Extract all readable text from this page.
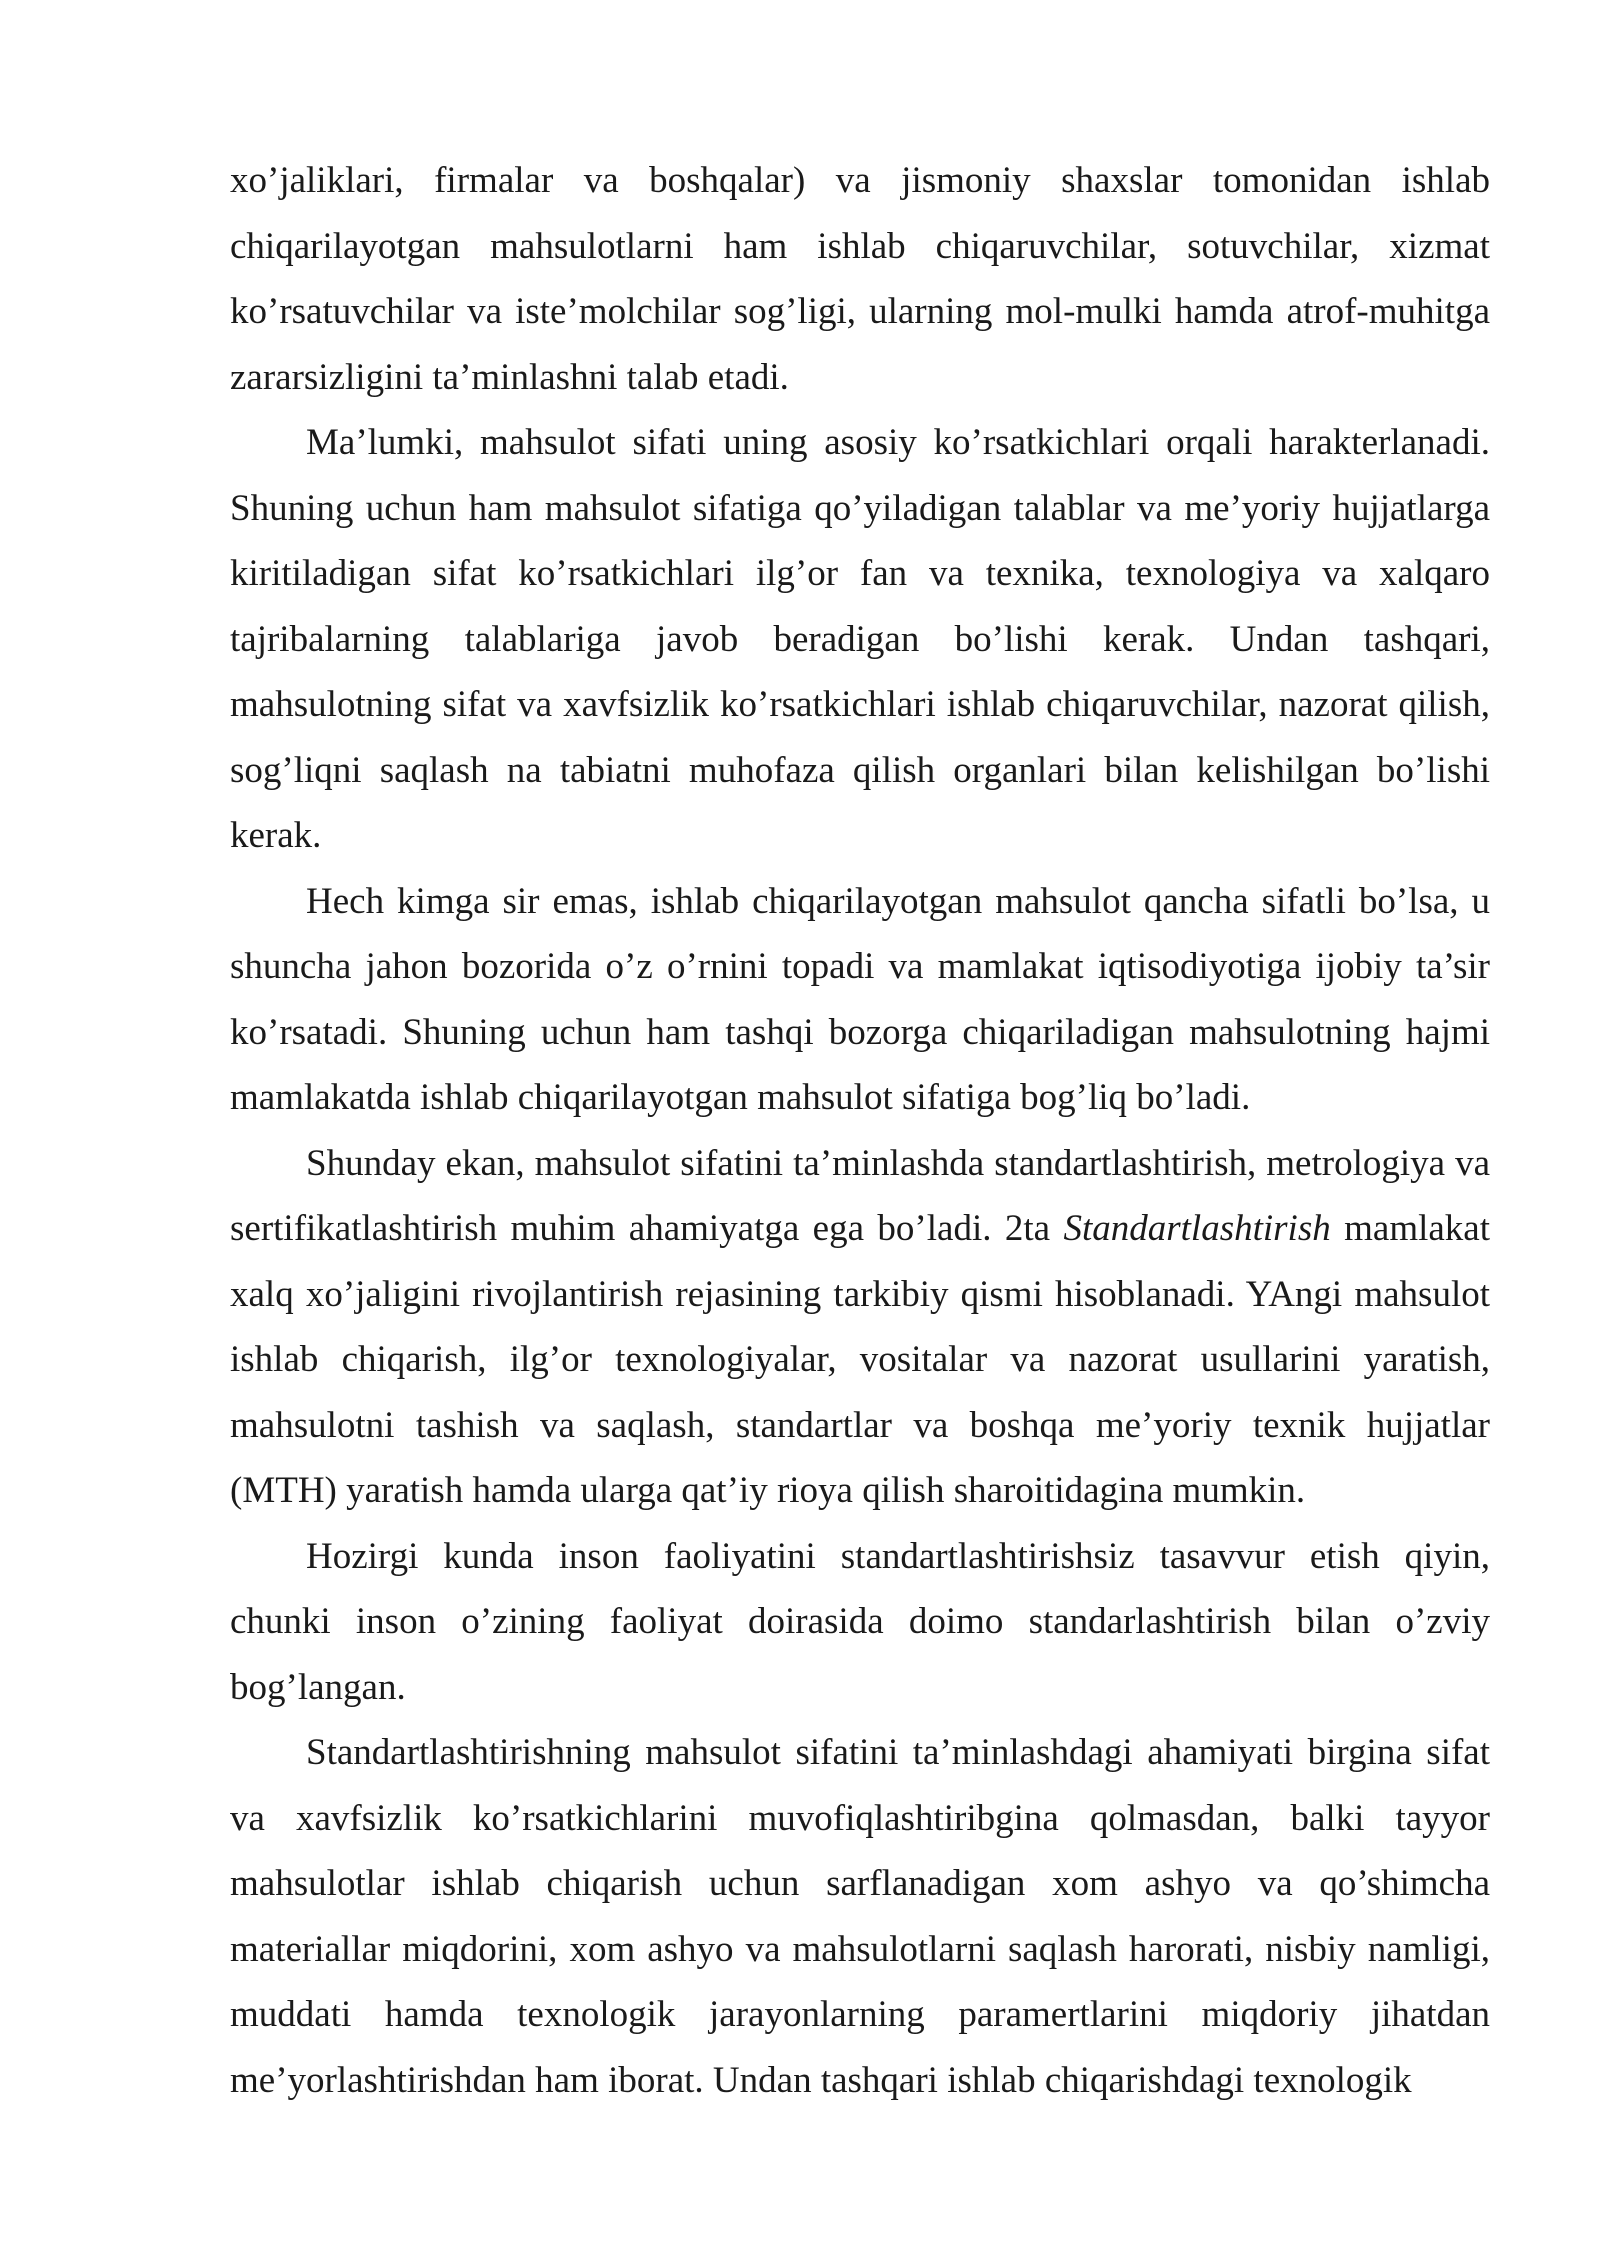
xo’jaliklari, firmalar va boshqalar) va jismoniy shaxslar tomonidan ishlab chiqarilayotgan mahsulotlarni ham ishlab chiqaruvchilar, sotuvchilar, xizmat ko’rsatuvchilar va iste’molchilar sog’ligi, ularning mol-mulki hamda atrof-muhitga zararsizligini ta’minlashni talab etadi.

Ma’lumki, mahsulot sifati uning asosiy ko’rsatkichlari orqali harakterlanadi. Shuning uchun ham mahsulot sifatiga qo’yiladigan talablar va me’yoriy hujjatlarga kiritiladigan sifat ko’rsatkichlari ilg’or fan va texnika, texnologiya va xalqaro tajribalarning talablariga javob beradigan bo’lishi kerak. Undan tashqari, mahsulotning sifat va xavfsizlik ko’rsatkichlari ishlab chiqaruvchilar, nazorat qilish, sog’liqni saqlash na tabiatni muhofaza qilish organlari bilan kelishilgan bo’lishi kerak.

Hech kimga sir emas, ishlab chiqarilayotgan mahsulot qancha sifatli bo’lsa, u shuncha jahon bozorida o’z o’rnini topadi va mamlakat iqtisodiyotiga ijobiy ta’sir ko’rsatadi. Shuning uchun ham tashqi bozorga chiqariladigan mahsulotning hajmi mamlakatda ishlab chiqarilayotgan mahsulot sifatiga bog’liq bo’ladi.

Shunday ekan, mahsulot sifatini ta’minlashda standartlashtirish, metrologiya va sertifikatlashtirish muhim ahamiyatga ega bo’ladi. 2ta Standartlashtirish mamlakat xalq xo’jaligini rivojlantirish rejasining tarkibiy qismi hisoblanadi. YAngi mahsulot ishlab chiqarish, ilg’or texnologiyalar, vositalar va nazorat usullarini yaratish, mahsulotni tashish va saqlash, standartlar va boshqa me’yoriy texnik hujjatlar (MTH) yaratish hamda ularga qat’iy rioya qilish sharoitidagina mumkin.

Hozirgi kunda inson faoliyatini standartlashtirishsiz tasavvur etish qiyin, chunki inson o’zining faoliyat doirasida doimo standarlashtirish bilan o’zviy bog’langan.

Standartlashtirishning mahsulot sifatini ta’minlashdagi ahamiyati birgina sifat va xavfsizlik ko’rsatkichlarini muvofiqlashtiribgina qolmasdan, balki tayyor mahsulotlar ishlab chiqarish uchun sarflanadigan xom ashyo va qo’shimcha materiallar miqdorini, xom ashyo va mahsulotlarni saqlash harorati, nisbiy namligi, muddati hamda texnologik jarayonlarning paramertlarini miqdoriy jihatdan me’yorlashtirishdan ham iborat. Undan tashqari ishlab chiqarishdagi texnologik
